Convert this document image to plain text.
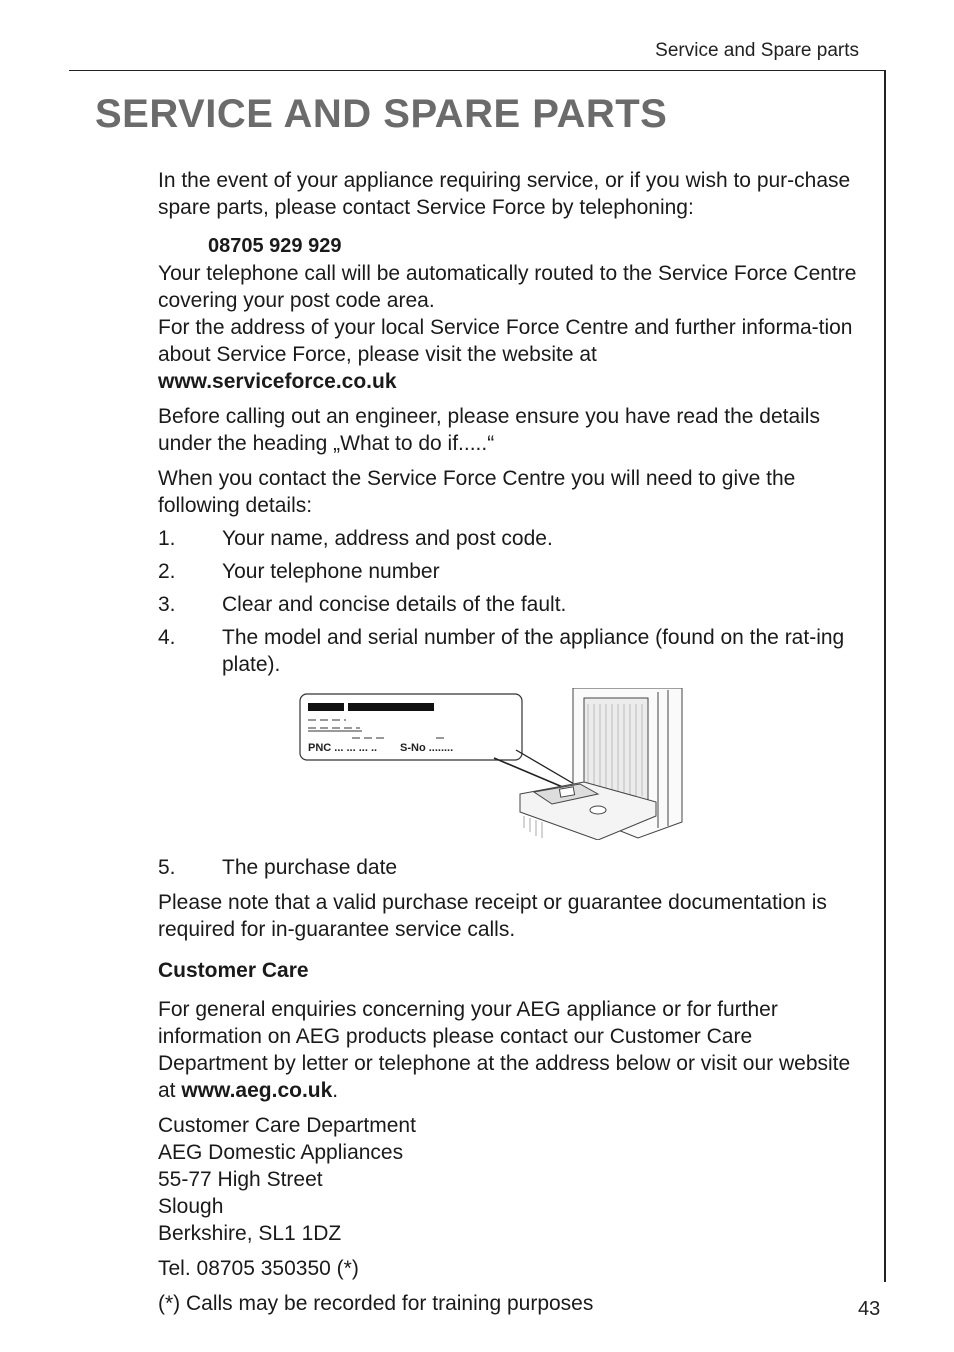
Service and Spare parts
SERVICE AND SPARE PARTS

In the event of your appliance requiring service, or if you wish to pur-chase spare parts, please contact Service Force by telephoning:

08705 929 929

Your telephone call will be automatically routed to the Service Force Centre covering your post code area.

For the address of your local Service Force Centre and further informa-tion about Service Force, please visit the website at
www.serviceforce.co.uk

Before calling out an engineer, please ensure you have read the details under the heading „What to do if.....“

When you contact the Service Force Centre you will need to give the following details:

1.	Your name, address and post code.
2.	Your telephone number
3.	Clear and concise details of the fault.
4.	The model and serial number of the appliance (found on the rat-ing plate).
PNC ... ... ... .. S-No ........
5.	The purchase date

Please note that a valid purchase receipt or guarantee documentation is required for in-guarantee service calls.

Customer Care

For general enquiries concerning your AEG appliance or for further information on AEG products please contact our Customer Care Department by letter or telephone at the address below or visit our website at www.aeg.co.uk.

Customer Care Department
AEG Domestic Appliances
55-77 High Street
Slough
Berkshire, SL1 1DZ

Tel. 08705 350350 (*)

(*) Calls may be recorded for training purposes	43
